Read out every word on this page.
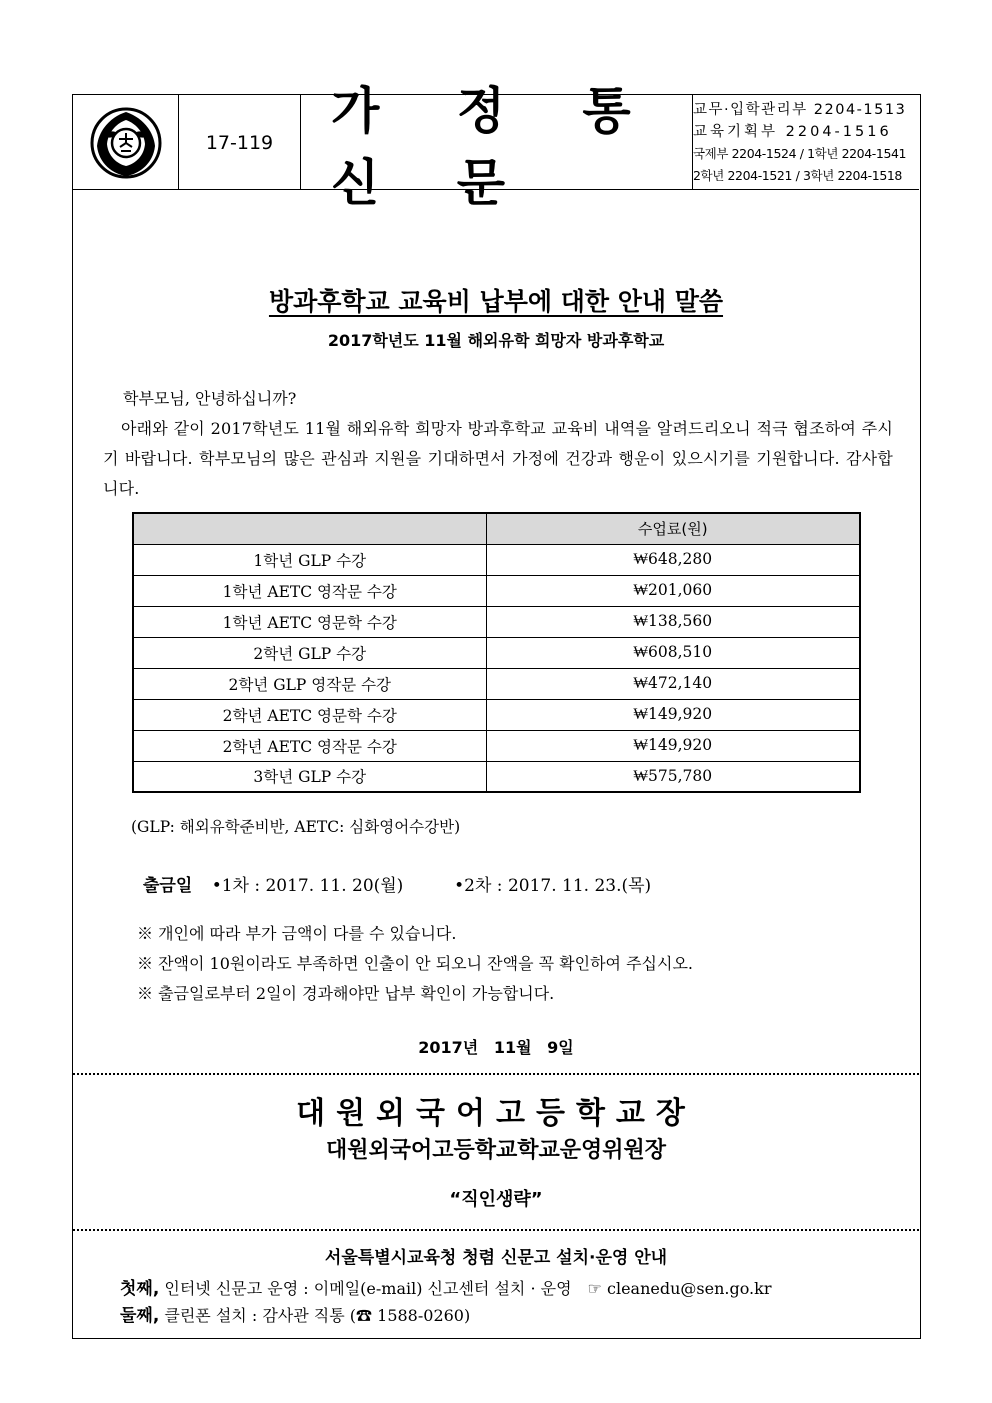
17-119
가 정 통 신 문
교무·입학관리부 2204-1513
교육기획부 2204-1516
국제부 2204-1524 / 1학년 2204-1541
2학년 2204-1521 / 3학년 2204-1518
방과후학교 교육비 납부에 대한 안내 말씀
2017학년도 11월 해외유학 희망자 방과후학교
학부모님, 안녕하십니까?
아래와 같이 2017학년도 11월 해외유학 희망자 방과후학교 교육비 내역을 알려드리오니 적극 협조하여 주시기 바랍니다. 학부모님의 많은 관심과 지원을 기대하면서 가정에 건강과 행운이 있으시기를 기원합니다. 감사합니다.
	수업료(원)
1학년 GLP 수강	₩648,280
1학년 AETC 영작문 수강	₩201,060
1학년 AETC 영문학 수강	₩138,560
2학년 GLP 수강	₩608,510
2학년 GLP 영작문 수강	₩472,140
2학년 AETC 영문학 수강	₩149,920
2학년 AETC 영작문 수강	₩149,920
3학년 GLP 수강	₩575,780
(GLP: 해외유학준비반, AETC: 심화영어수강반)
출금일 •1차 : 2017. 11. 20(월)	•2차 : 2017. 11. 23.(목)
※ 개인에 따라 부가 금액이 다를 수 있습니다.
※ 잔액이 10원이라도 부족하면 인출이 안 되오니 잔액을 꼭 확인하여 주십시오.
※ 출금일로부터 2일이 경과해야만 납부 확인이 가능합니다.
2017년 11월 9일
대원외국어고등학교장
대원외국어고등학교학교운영위원장
“직인생략”
서울특별시교육청 청렴 신문고 설치·운영 안내
첫째, 인터넷 신문고 운영 : 이메일(e-mail) 신고센터 설치 · 운영 ☞ cleanedu@sen.go.kr
둘째, 클린폰 설치 : 감사관 직통 (☎ 1588-0260)
